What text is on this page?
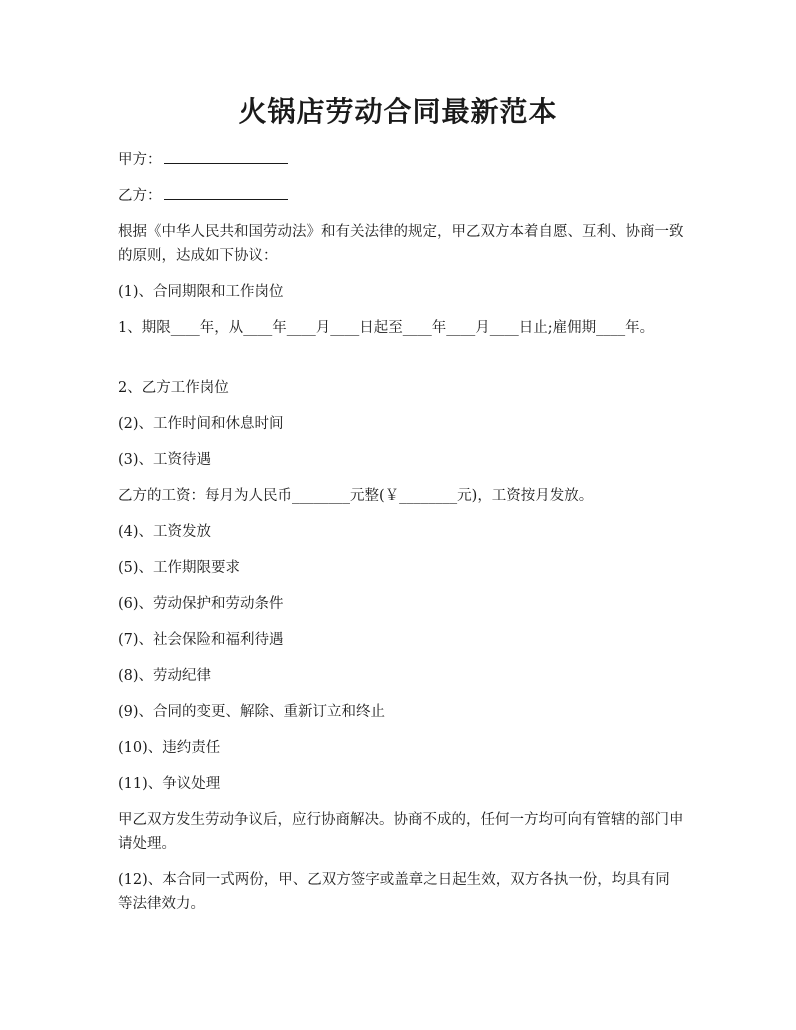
火锅店劳动合同最新范本
甲方：
乙方：
根据《中华人民共和国劳动法》和有关法律的规定，甲乙双方本着自愿、互利、协商一致的原则，达成如下协议：
(1)、合同期限和工作岗位
1、期限____年，从____年____月____日起至____年____月____日止;雇佣期____年。
2、乙方工作岗位
(2)、工作时间和休息时间
(3)、工资待遇
乙方的工资：每月为人民币________元整(￥________元)，工资按月发放。
(4)、工资发放
(5)、工作期限要求
(6)、劳动保护和劳动条件
(7)、社会保险和福利待遇
(8)、劳动纪律
(9)、合同的变更、解除、重新订立和终止
(10)、违约责任
(11)、争议处理
甲乙双方发生劳动争议后，应行协商解决。协商不成的，任何一方均可向有管辖的部门申请处理。
(12)、本合同一式两份，甲、乙双方签字或盖章之日起生效，双方各执一份，均具有同等法律效力。
